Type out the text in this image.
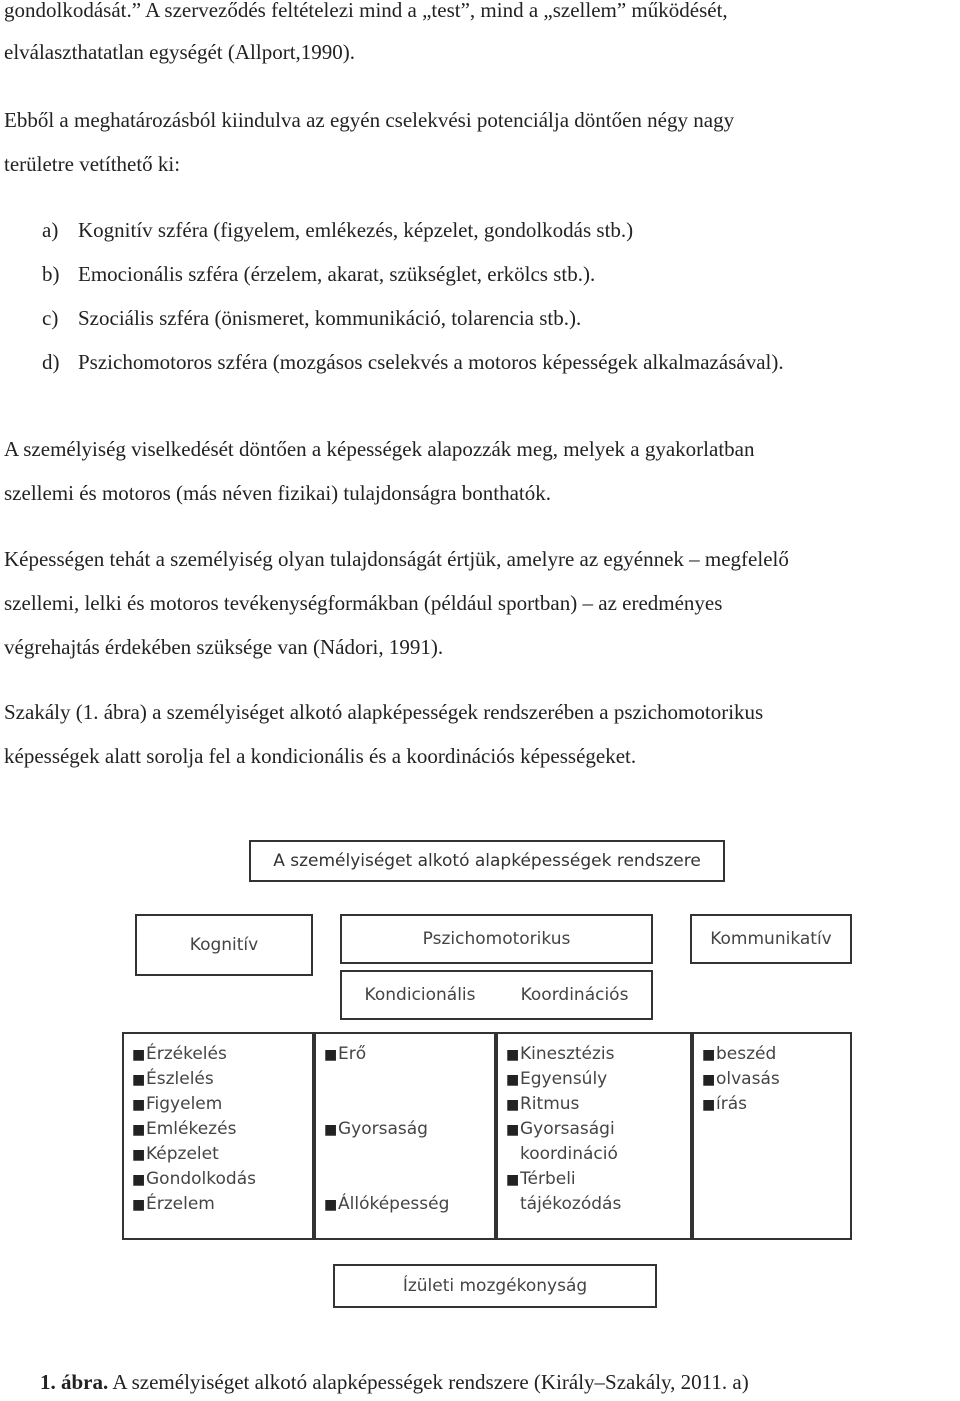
gondolkodását.” A szerveződés feltételezi mind a „test”, mind a „szellem” működését,

elválaszthatatlan egységét (Allport,1990).

Ebből a meghatározásból kiindulva az egyén cselekvési potenciálja döntően négy nagy

területre vetíthető ki:

a) Kognitív szféra (figyelem, emlékezés, képzelet, gondolkodás stb.)

b) Emocionális szféra (érzelem, akarat, szükséglet, erkölcs stb.).

c) Szociális szféra (önismeret, kommunikáció, tolarencia stb.).

d) Pszichomotoros szféra (mozgásos cselekvés a motoros képességek alkalmazásával).

A személyiség viselkedését döntően a képességek alapozzák meg, melyek a gyakorlatban

szellemi és motoros (más néven fizikai) tulajdonságra bonthatók.

Képességen tehát a személyiség olyan tulajdonságát értjük, amelyre az egyénnek – megfelelő

szellemi, lelki és motoros tevékenységformákban (például sportban) – az eredményes

végrehajtás érdekében szüksége van (Nádori, 1991).

Szakály (1. ábra) a személyiséget alkotó alapképességek rendszerében a pszichomotorikus

képességek alatt sorolja fel a kondicionális és a koordinációs képességeket.

A személyiséget alkotó alapképességek rendszere
Kognitív	Pszichomotorikus	Kommunikatív
Kondicionális	Koordinációs
■Érzékelés
■Észlelés
■Figyelem
■Emlékezés
■Képzelet
■Gondolkodás
■Érzelem
■Erő
■Gyorsaság
■Állóképesség
■Kinesztézis
■Egyensúly
■Ritmus
■Gyorsasági
koordináció
■Térbeli
tájékozódás
■beszéd
■olvasás
■írás
Ízületi mozgékonyság
1. ábra. A személyiséget alkotó alapképességek rendszere (Király–Szakály, 2011. a)
